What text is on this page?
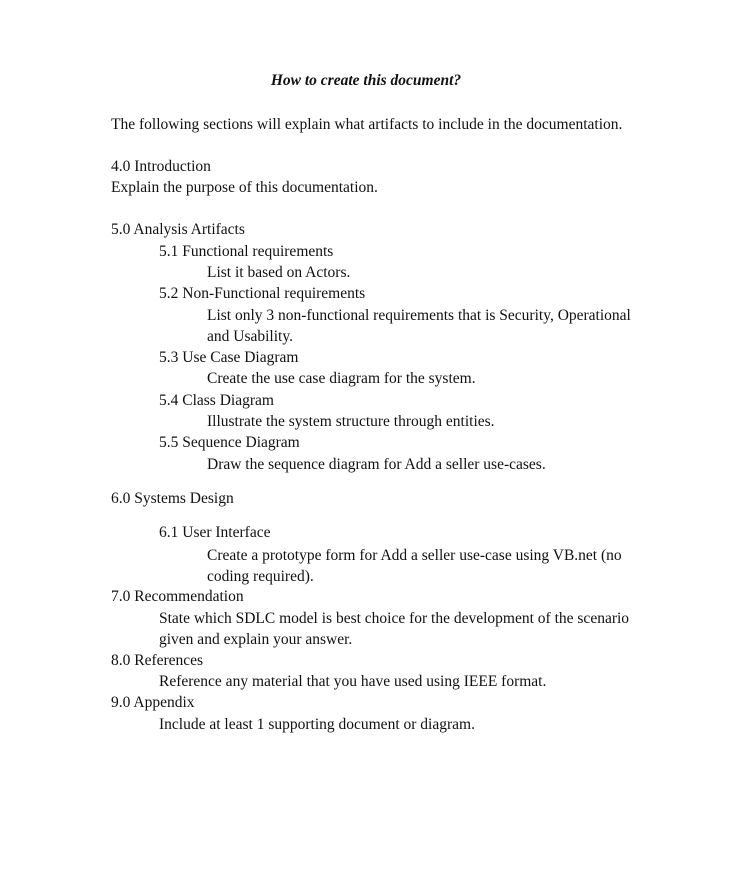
How to create this document?
The following sections will explain what artifacts to include in the documentation.
4.0 Introduction
Explain the purpose of this documentation.
5.0 Analysis Artifacts
5.1 Functional requirements
List it based on Actors.
5.2 Non-Functional requirements
List only 3 non-functional requirements that is Security, Operational and Usability.
5.3 Use Case Diagram
Create the use case diagram for the system.
5.4 Class Diagram
Illustrate the system structure through entities.
5.5 Sequence Diagram
Draw the sequence diagram for Add a seller use-cases.
6.0 Systems Design
6.1 User Interface
Create a prototype form for Add a seller use-case using VB.net (no coding required).
7.0 Recommendation
State which SDLC model is best choice for the development of the scenario given and explain your answer.
8.0 References
Reference any material that you have used using IEEE format.
9.0 Appendix
Include at least 1 supporting document or diagram.
